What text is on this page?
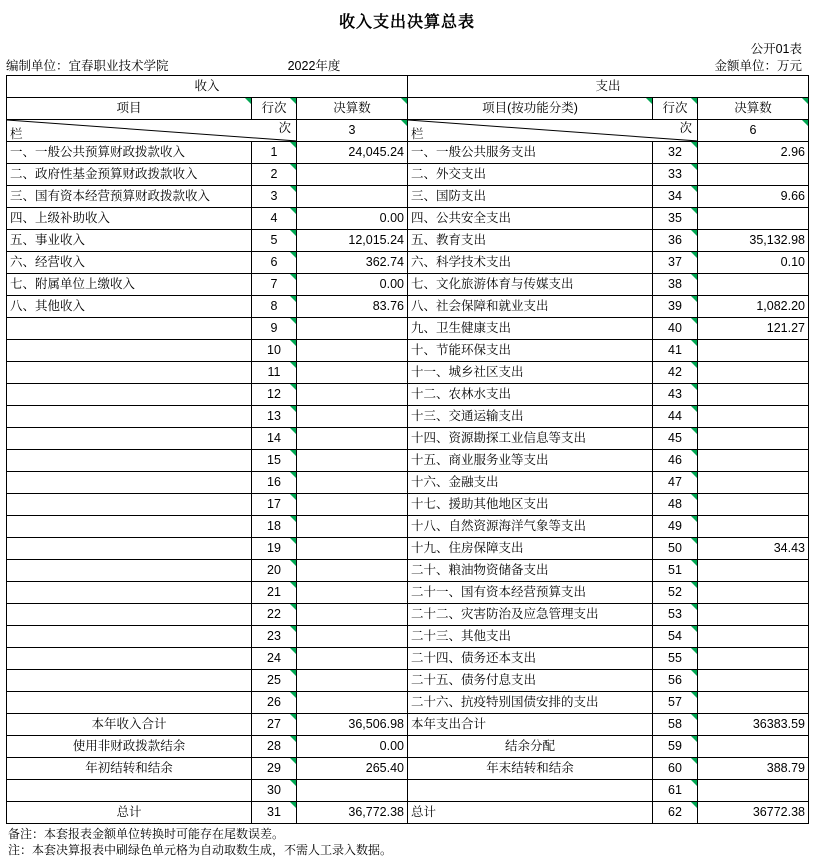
收入支出决算总表
公开01表
编制单位：宜春职业技术学院	2022年度	金额单位：万元
收入			支出		
项目	行次	决算数	项目(按功能分类)	行次	决算数

栏 次		3	栏 次		6
一、一般公共预算财政拨款收入	1	24,045.24	一、一般公共服务支出	32	2.96
二、政府性基金预算财政拨款收入	2		二、外交支出	33	
三、国有资本经营预算财政拨款收入	3		三、国防支出	34	9.66
四、上级补助收入	4	0.00	四、公共安全支出	35	
五、事业收入	5	12,015.24	五、教育支出	36	35,132.98
六、经营收入	6	362.74	六、科学技术支出	37	0.10
七、附属单位上缴收入	7	0.00	七、文化旅游体育与传媒支出	38	
八、其他收入	8	83.76	八、社会保障和就业支出	39	1,082.20
	9		九、卫生健康支出	40	121.27
	10		十、节能环保支出	41	
	11		十一、城乡社区支出	42	
	12		十二、农林水支出	43	
	13		十三、交通运输支出	44	
	14		十四、资源勘探工业信息等支出	45	
	15		十五、商业服务业等支出	46	
	16		十六、金融支出	47	
	17		十七、援助其他地区支出	48	
	18		十八、自然资源海洋气象等支出	49	
	19		十九、住房保障支出	50	34.43
	20		二十、粮油物资储备支出	51	
	21		二十一、国有资本经营预算支出	52	
	22		二十二、灾害防治及应急管理支出	53	
	23		二十三、其他支出	54	
	24		二十四、债务还本支出	55	
	25		二十五、债务付息支出	56	
	26		二十六、抗疫特别国债安排的支出	57	
本年收入合计	27	36,506.98	本年支出合计	58	36383.59
使用非财政拨款结余	28	0.00	结余分配	59	
年初结转和结余	29	265.40	年末结转和结余	60	388.79
	30			61	
总计	31	36,772.38	总计	62	36772.38
备注：本套报表金额单位转换时可能存在尾数误差。
注：本套决算报表中刷绿色单元格为自动取数生成，不需人工录入数据。
